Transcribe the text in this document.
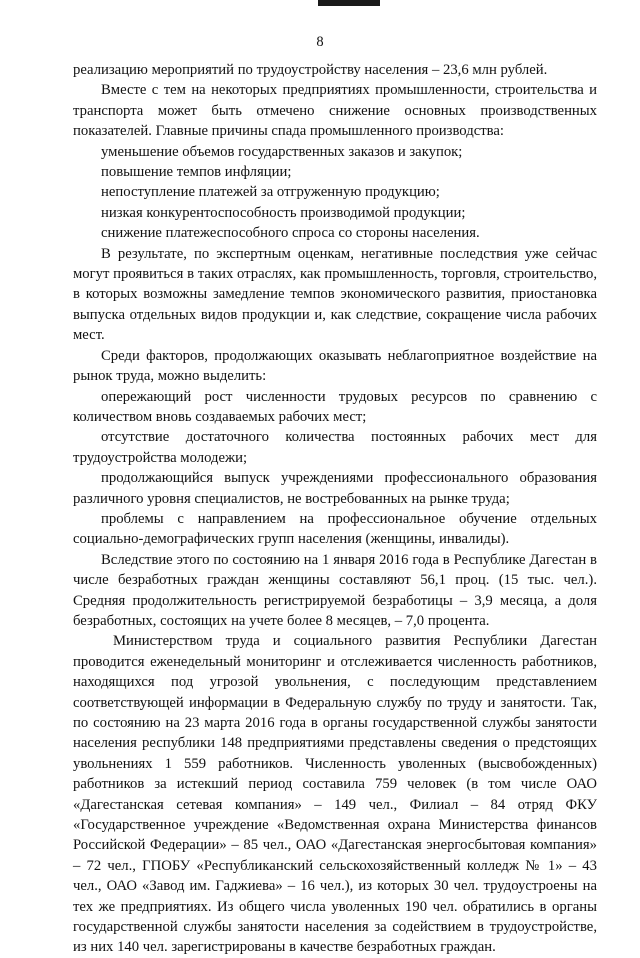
8

реализацию мероприятий по трудоустройству населения – 23,6 млн рублей.

Вместе с тем на некоторых предприятиях промышленности, строительства и транспорта может быть отмечено снижение основных производственных показателей. Главные причины спада промышленного производства:

уменьшение объемов государственных заказов и закупок;

повышение темпов инфляции;

непоступление платежей за отгруженную продукцию;

низкая конкурентоспособность производимой продукции;

снижение платежеспособного спроса со стороны населения.

В результате, по экспертным оценкам, негативные последствия уже сейчас могут проявиться в таких отраслях, как промышленность, торговля, строительство, в которых возможны замедление темпов экономического развития, приостановка выпуска отдельных видов продукции и, как следствие, сокращение числа рабочих мест.

Среди факторов, продолжающих оказывать неблагоприятное воздействие на рынок труда, можно выделить:

опережающий рост численности трудовых ресурсов по сравнению с количеством вновь создаваемых рабочих мест;

отсутствие достаточного количества постоянных рабочих мест для трудоустройства молодежи;

продолжающийся выпуск учреждениями профессионального образования различного уровня специалистов, не востребованных на рынке труда;

проблемы с направлением на профессиональное обучение отдельных социально-демографических групп населения (женщины, инвалиды).

Вследствие этого по состоянию на 1 января 2016 года в Республике Дагестан в числе безработных граждан женщины составляют 56,1 проц. (15 тыс. чел.). Средняя продолжительность регистрируемой безработицы – 3,9 месяца, а доля безработных, состоящих на учете более 8 месяцев, – 7,0 процента.

Министерством труда и социального развития Республики Дагестан проводится еженедельный мониторинг и отслеживается численность работников, находящихся под угрозой увольнения, с последующим представлением соответствующей информации в Федеральную службу по труду и занятости. Так, по состоянию на 23 марта 2016 года в органы государственной службы занятости населения республики 148 предприятиями представлены сведения о предстоящих увольнениях 1 559 работников. Численность уволенных (высвобожденных) работников за истекший период составила 759 человек (в том числе ОАО «Дагестанская сетевая компания» – 149 чел., Филиал – 84 отряд ФКУ «Государственное учреждение «Ведомственная охрана Министерства финансов Российской Федерации» – 85 чел., ОАО «Дагестанская энергосбытовая компания» – 72 чел., ГПОБУ «Республиканский сельскохозяйственный колледж № 1» – 43 чел., ОАО «Завод им. Гаджиева» – 16 чел.), из которых 30 чел. трудоустроены на тех же предприятиях. Из общего числа уволенных 190 чел. обратились в органы государственной службы занятости населения за содействием в трудоустройстве, из них 140 чел. зарегистрированы в качестве безработных граждан.
